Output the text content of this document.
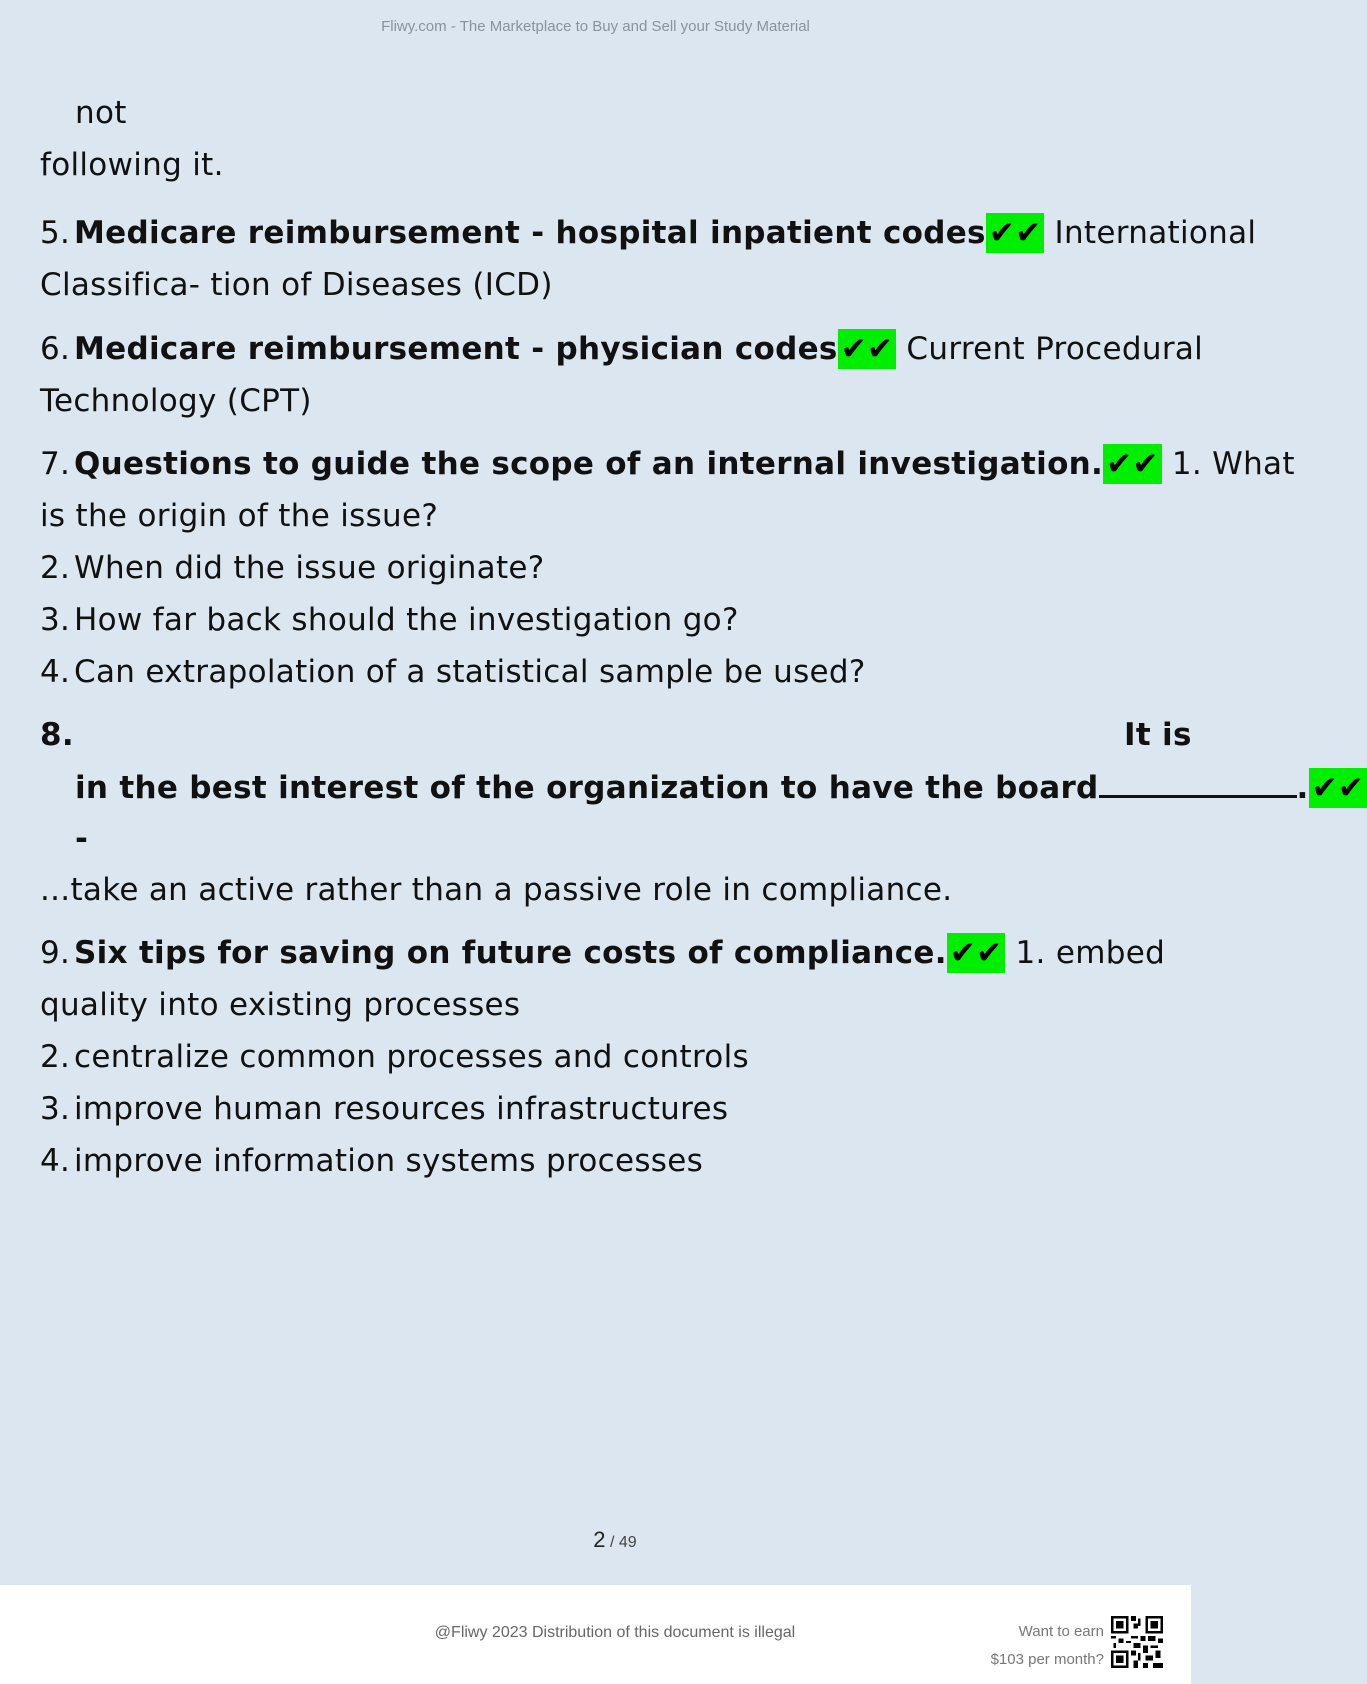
Fliwy.com - The Marketplace to Buy and Sell your Study Material
not
following it.
5. Medicare reimbursement - hospital inpatient codes✔✔ International
Classifica- tion of Diseases (ICD)
6. Medicare reimbursement - physician codes✔✔ Current Procedural
Technology (CPT)
7. Questions to guide the scope of an internal investigation.✔✔ 1. What
is the origin of the issue?
2. When did the issue originate?
3. How far back should the investigation go?
4. Can extrapolation of a statistical sample be used?
8.	It is
in the best interest of the organization to have the board	.✔✔
-
...take an active rather than a passive role in compliance.
9. Six tips for saving on future costs of compliance.✔✔ 1. embed
quality into existing processes
2. centralize common processes and controls
3. improve human resources infrastructures
4. improve information systems processes
2 / 49
@Fliwy 2023 Distribution of this document is illegal	Want to earn
$103 per month?
